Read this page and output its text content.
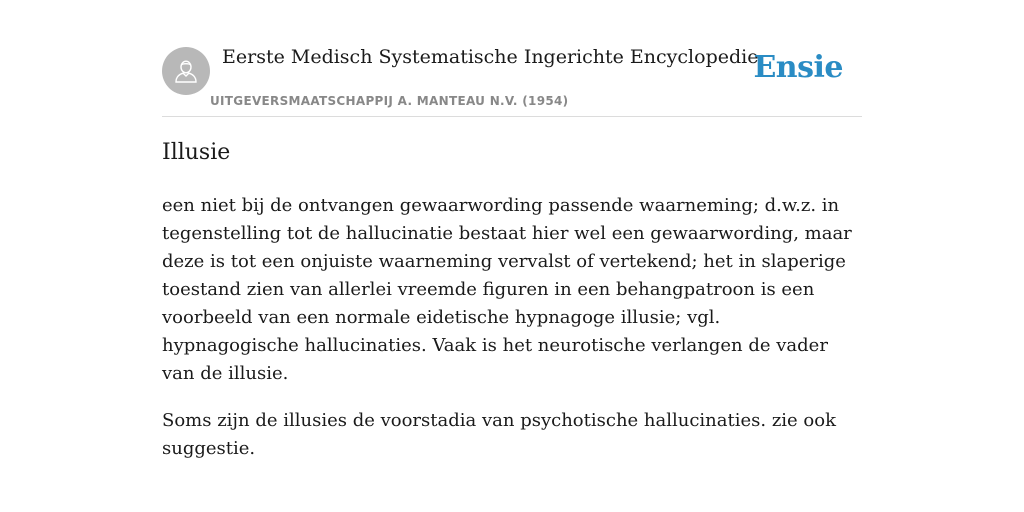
Eerste Medisch Systematische Ingerichte Encyclopedie
UITGEVERSMAATSCHAPPIJ A. MANTEAU N.V. (1954)
Ensie
Illusie

een niet bij de ontvangen gewaarwording passende waarneming; d.w.z. in tegenstelling tot de hallucinatie bestaat hier wel een gewaarwording, maar deze is tot een onjuiste waarneming vervalst of vertekend; het in slaperige toestand zien van allerlei vreemde figuren in een behangpatroon is een voorbeeld van een normale eidetische hypnagoge illusie; vgl. hypnagogische hallucinaties. Vaak is het neurotische verlangen de vader van de illusie.

Soms zijn de illusies de voorstadia van psychotische hallucinaties. zie ook suggestie.
